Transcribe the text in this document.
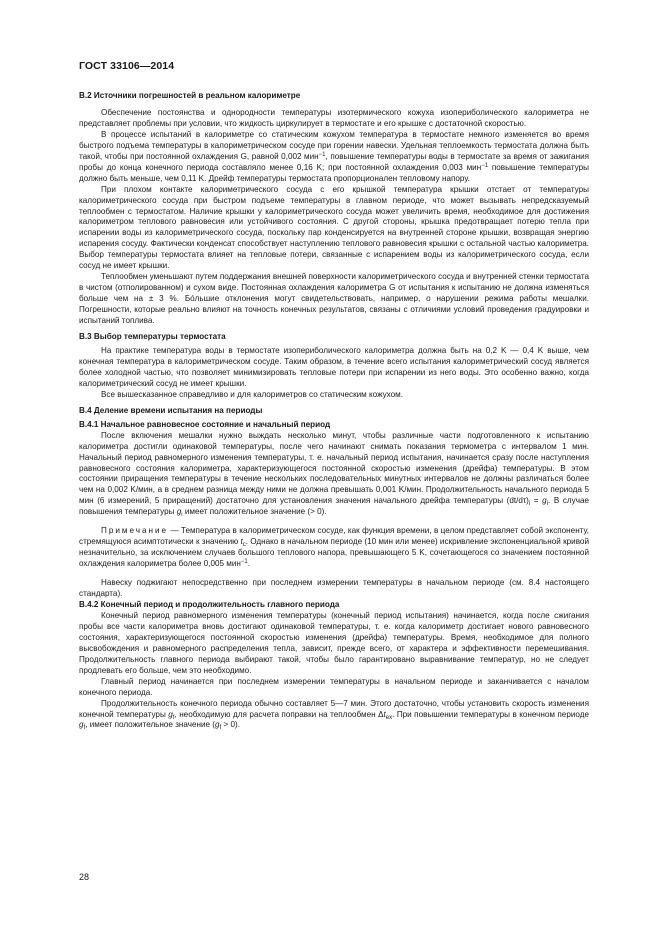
ГОСТ 33106—2014
В.2 Источники погрешностей в реальном калориметре

Обеспечение постоянства и однородности температуры изотермического кожуха изопериболического калориметра не представляет проблемы при условии, что жидкость циркулирует в термостате и его крышке с достаточной скоростью.

В процессе испытаний в калориметре со статическим кожухом температура в термостате немного изменяется во время быстрого подъема температуры в калориметрическом сосуде при горении навески. Удельная теплоемкость термостата должна быть такой, чтобы при постоянной охлаждения G, равной 0,002 мин$^{-1}$, повышение температуры воды в термостате за время от зажигания пробы до конца конечного периода составляло менее 0,16 K; при постоянной охлаждения 0,003 мин$^{-1}$ повышение температуры должно быть меньше, чем 0,11 K. Дрейф температуры термостата пропорционален тепловому напору.

При плохом контакте калориметрического сосуда с его крышкой температура крышки отстает от температуры калориметрического сосуда при быстром подъеме температуры в главном периоде, что может вызывать непредсказуемый теплообмен с термостатом. Наличие крышки у калориметрического сосуда может увеличить время, необходимое для достижения калориметром теплового равновесия или устойчивого состояния. С другой стороны, крышка предотвращает потерю тепла при испарении воды из калориметрического сосуда, поскольку пар конденсируется на внутренней стороне крышки, возвращая энергию испарения сосуду. Фактически конденсат способствует наступлению теплового равновесия крышки с остальной частью калориметра. Выбор температуры термостата влияет на тепловые потери, связанные с испарением воды из калориметрического сосуда, если сосуд не имеет крышки.

Теплообмен уменьшают путем поддержания внешней поверхности калориметрического сосуда и внутренней стенки термостата в чистом (отполированном) и сухом виде. Постоянная охлаждения калориметра G от испытания к испытанию не должна изменяться больше чем на ± 3 %. Бóльшие отклонения могут свидетельствовать, например, о нарушении режима работы мешалки. Погрешности, которые реально влияют на точность конечных результатов, связаны с отличиями условий проведения градуировки и испытаний топлива.

В.3 Выбор температуры термостата

На практике температура воды в термостате изопериболического калориметра должна быть на 0,2 K — 0,4 K выше, чем конечная температура в калориметрическом сосуде. Таким образом, в течение всего испытания калориметрический сосуд является более холодной частью, что позволяет минимизировать тепловые потери при испарении из него воды. Это особенно важно, когда калориметрический сосуд не имеет крышки.

Все вышесказанное справедливо и для калориметров со статическим кожухом.

В.4 Деление времени испытания на периоды
В.4.1 Начальное равновесное состояние и начальный период

После включения мешалки нужно выждать несколько минут, чтобы различные части подготовленного к испытанию калориметра достигли одинаковой температуры, после чего начинают снимать показания термометра с интервалом 1 мин. Начальный период равномерного изменения температуры, т. е. начальный период испытания, начинается сразу после наступления равновесного состояния калориметра, характеризующегося постоянной скоростью изменения (дрейфа) температуры. В этом состоянии приращения температуры в течение нескольких последовательных минутных интервалов не должны различаться более чем на 0,002 K/мин, а в среднем разница между ними не должна превышать 0,001 K/мин. Продолжительность начального периода 5 мин (6 измерений, 5 приращений) достаточно для установления значения начального дрейфа температуры $(dt/d\tau)_i = g_i$. В случае повышения температуры $g_i$ имеет положительное значение (> 0).

Примечание — Температура в калориметрическом сосуде, как функция времени, в целом представляет собой экспоненту, стремящуюся асимптотически к значению $t_c$. Однако в начальном периоде (10 мин или менее) искривление экспоненциальной кривой незначительно, за исключением случаев большого теплового напора, превышающего 5 K, сочетающегося со значением постоянной охлаждения калориметра более 0,005 мин$^{-1}$.

Навеску поджигают непосредственно при последнем измерении температуры в начальном периоде (см. 8.4 настоящего стандарта).

В.4.2 Конечный период и продолжительность главного периода

Конечный период равномерного изменения температуры (конечный период испытания) начинается, когда после сжигания пробы все части калориметра вновь достигают одинаковой температуры, т. е. когда калориметр достигает нового равновесного состояния, характеризующегося постоянной скоростью изменения (дрейфа) температуры. Время, необходимое для полного высвобождения и равномерного распределения тепла, зависит, прежде всего, от характера и эффективности перемешивания. Продолжительность главного периода выбирают такой, чтобы было гарантировано выравнивание температур, но не следует продлевать его больше, чем это необходимо.

Главный период начинается при последнем измерении температуры в начальном периоде и заканчивается с началом конечного периода.

Продолжительность конечного периода обычно составляет 5—7 мин. Этого достаточно, чтобы установить скорость изменения конечной температуры $g_f$, необходимую для расчета поправки на теплообмен $\Delta t_{ex}$. При повышении температуры в конечном периоде $g_f$, имеет положительное значение $(g_f > 0)$.

28
